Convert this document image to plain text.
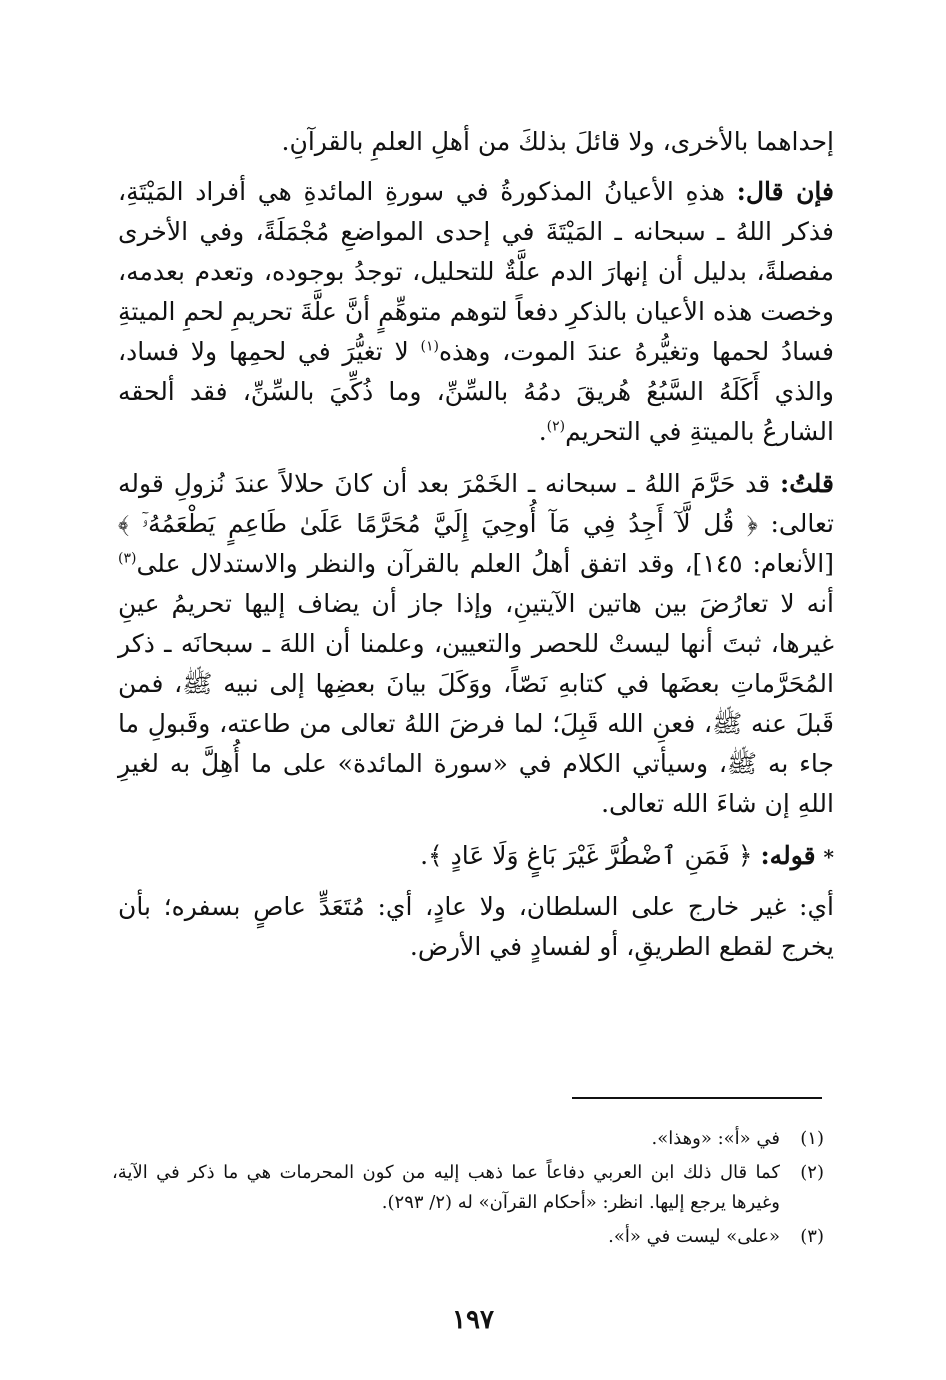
إحداهما بالأخرى، ولا قائلَ بذلكَ من أهلِ العلمِ بالقرآنِ.

فإن قال: هذهِ الأعيانُ المذكورةُ في سورةِ المائدةِ هي أفراد المَيْتَةِ، فذكر اللهُ ـ سبحانه ـ المَيْتَةَ في إحدى المواضعِ مُجْمَلَةً، وفي الأخرى مفصلةً، بدليل أن إنهارَ الدم علَّةٌ للتحليل، توجدُ بوجوده، وتعدم بعدمه، وخصت هذه الأعيان بالذكرِ دفعاً لتوهم متوهِّمٍ أنَّ علَّةَ تحريمِ لحمِ الميتةِ فسادُ لحمها وتغيُّرهُ عندَ الموت، وهذه$^{(١)}$ لا تغيُّرَ في لحمِها ولا فساد، والذي أَكَلَهُ السَّبُعُ هُريقَ دمُهُ بالسِّنِّ، وما ذُكِّيَ بالسِّنِّ، فقد ألحقه الشارعُ بالميتةِ في التحريم$^{(٢)}$.

قلتُ: قد حَرَّمَ اللهُ ـ سبحانه ـ الخَمْرَ بعد أن كانَ حلالاً عندَ نُزولِ قوله تعالى: ﴿ قُل لَّآ أَجِدُ فِي مَآ أُوحِيَ إِلَيَّ مُحَرَّمًا عَلَىٰ طَاعِمٍ يَطْعَمُهُۥٓ ﴾ [الأنعام: ١٤٥]، وقد اتفق أهلُ العلم بالقرآن والنظر والاستدلال على$^{(٣)}$ أنه لا تعارُضَ بين هاتين الآيتينِ، وإذا جاز أن يضاف إليها تحريمُ عينِ غيرها، ثبتَ أنها ليستْ للحصر والتعيين، وعلمنا أن اللهَ ـ سبحانَه ـ ذكر المُحَرَّماتِ بعضَها في كتابهِ نَصّاً، ووَكَلَ بيانَ بعضِها إلى نبيه ﷺ، فمن قَبلَ عنه ﷺ، فعنِ الله قَبِلَ؛ لما فرضَ اللهُ تعالى من طاعته، وقَبولِ ما جاء به ﷺ، وسيأتي الكلام في «سورة المائدة» على ما أُهِلَّ به لغيرِ اللهِ إن شاءَ الله تعالى.

* قوله: ﴿ فَمَنِ ٱضْطُرَّ غَيْرَ بَاغٍ وَلَا عَادٍ ﴾.

أي: غير خارج على السلطان، ولا عادٍ، أي: مُتَعَدٍّ عاصٍ بسفره؛ بأن يخرج لقطع الطريقِ، أو لفسادٍ في الأرض.

(١)
في «أ»: «وهذا».
(٢)
كما قال ذلك ابن العربي دفاعاً عما ذهب إليه من كون المحرمات هي ما ذكر في الآية، وغيرها يرجع إليها. انظر: «أحكام القرآن» له (٢/ ٢٩٣).
(٣)
«على» ليست في «أ».
١٩٧
